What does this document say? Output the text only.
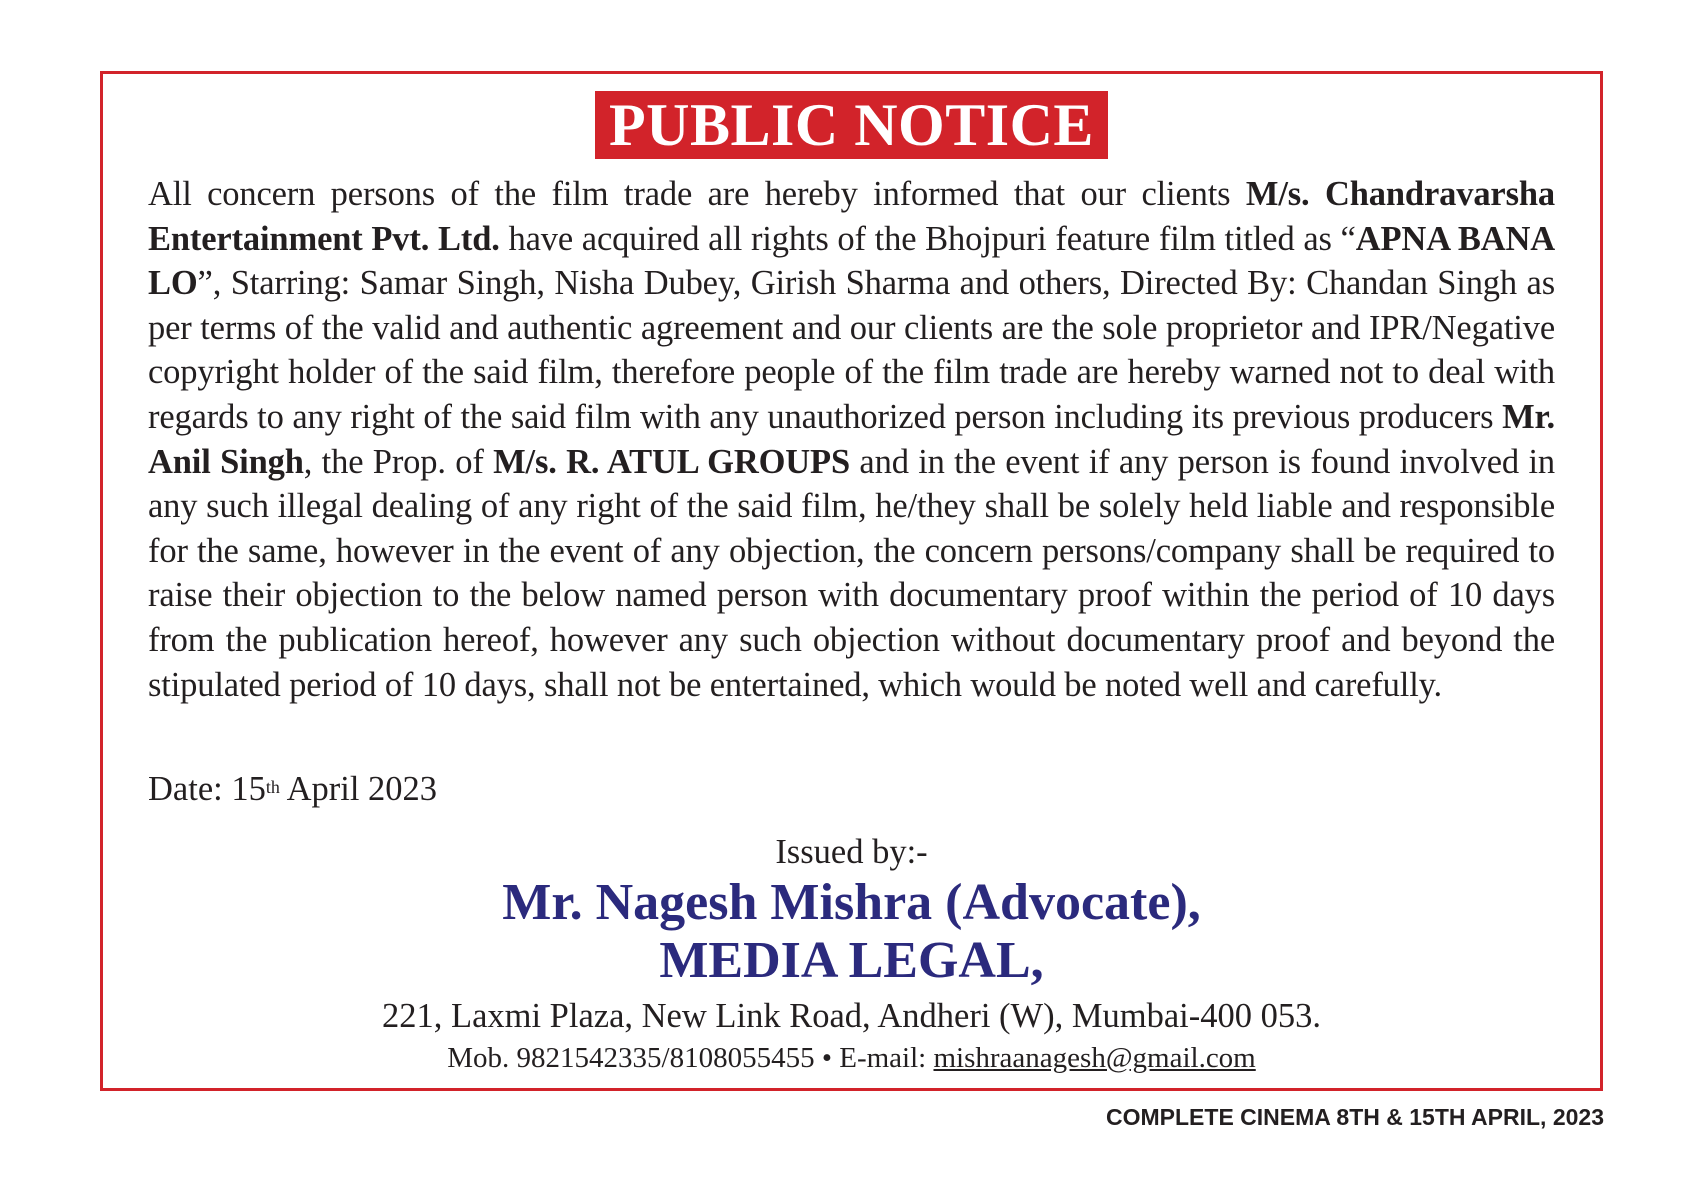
PUBLIC NOTICE

All concern persons of the film trade are hereby informed that our clients M/s. Chandravarsha Entertainment Pvt. Ltd. have acquired all rights of the Bhojpuri feature film titled as “APNA BANA LO”, Starring: Samar Singh, Nisha Dubey, Girish Sharma and others, Directed By: Chandan Singh as per terms of the valid and authentic agreement and our clients are the sole proprietor and IPR/Negative copyright holder of the said film, therefore people of the film trade are hereby warned not to deal with regards to any right of the said film with any unauthorized person including its previous producers Mr. Anil Singh, the Prop. of M/s. R. ATUL GROUPS and in the event if any person is found involved in any such illegal dealing of any right of the said film, he/they shall be solely held liable and responsible for the same, however in the event of any objection, the concern persons/company shall be required to raise their objection to the below named person with documentary proof within the period of 10 days from the publication hereof, however any such objection without documentary proof and beyond the stipulated period of 10 days, shall not be entertained, which would be noted well and carefully.

Date: 15th April 2023
Issued by:-
Mr. Nagesh Mishra (Advocate),
MEDIA LEGAL,
221, Laxmi Plaza, New Link Road, Andheri (W), Mumbai-400 053.
Mob. 9821542335/8108055455 • E-mail: mishraanagesh@gmail.com
COMPLETE CINEMA 8TH & 15TH APRIL, 2023
